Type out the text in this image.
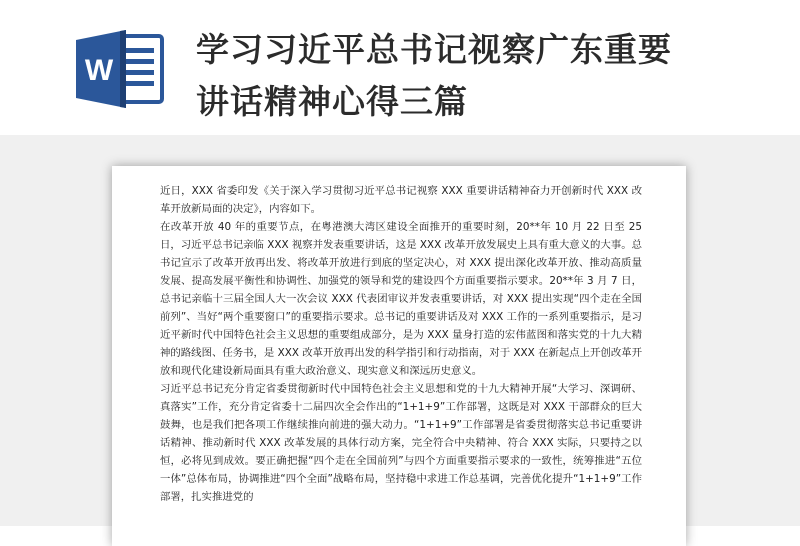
W
学习习近平总书记视察广东重要
讲话精神心得三篇

近日，XXX 省委印发《关于深入学习贯彻习近平总书记视察 XXX 重要讲话精神奋力开创新时代 XXX 改革开放新局面的决定》，内容如下。

在改革开放 40 年的重要节点，在粤港澳大湾区建设全面推开的重要时刻，20**年 10 月 22 日至 25 日，习近平总书记亲临 XXX 视察并发表重要讲话，这是 XXX 改革开放发展史上具有重大意义的大事。总书记宣示了改革开放再出发、将改革开放进行到底的坚定决心，对 XXX 提出深化改革开放、推动高质量发展、提高发展平衡性和协调性、加强党的领导和党的建设四个方面重要指示要求。20**年 3 月 7 日，总书记亲临十三届全国人大一次会议 XXX 代表团审议并发表重要讲话，对 XXX 提出实现“四个走在全国前列”、当好“两个重要窗口”的重要指示要求。总书记的重要讲话及对 XXX 工作的一系列重要指示，是习近平新时代中国特色社会主义思想的重要组成部分，是为 XXX 量身打造的宏伟蓝图和落实党的十九大精神的路线图、任务书，是 XXX 改革开放再出发的科学指引和行动指南，对于 XXX 在新起点上开创改革开放和现代化建设新局面具有重大政治意义、现实意义和深远历史意义。

习近平总书记充分肯定省委贯彻新时代中国特色社会主义思想和党的十九大精神开展“大学习、深调研、真落实”工作，充分肯定省委十二届四次全会作出的“1+1+9”工作部署，这既是对 XXX 干部群众的巨大鼓舞，也是我们把各项工作继续推向前进的强大动力。“1+1+9”工作部署是省委贯彻落实总书记重要讲话精神、推动新时代 XXX 改革发展的具体行动方案，完全符合中央精神、符合 XXX 实际，只要持之以恒，必将见到成效。要正确把握“四个走在全国前列”与四个方面重要指示要求的一致性，统筹推进“五位一体”总体布局，协调推进“四个全面”战略布局，坚持稳中求进工作总基调，完善优化提升“1+1+9”工作部署，扎实推进党的
